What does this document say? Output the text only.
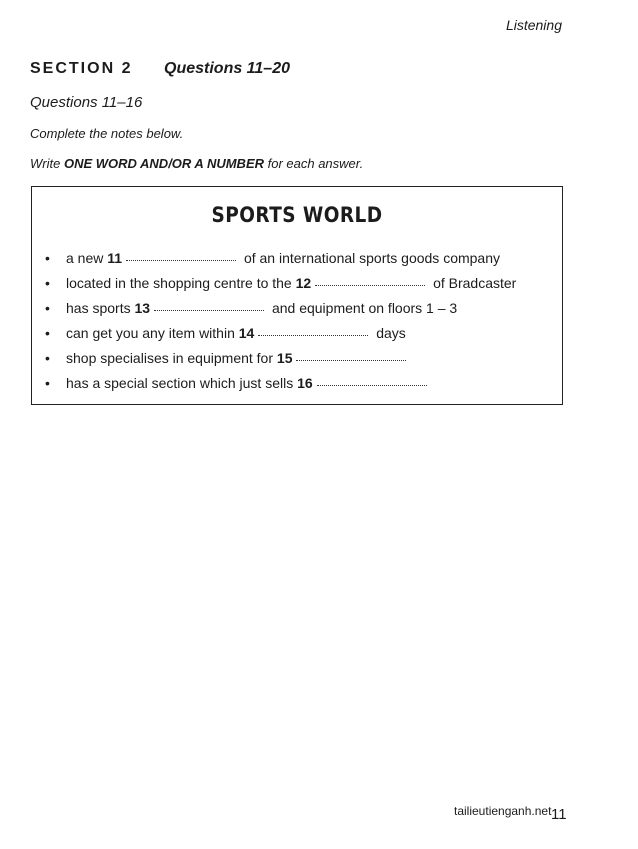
Listening
SECTION 2 Questions 11–20
Questions 11–16
Complete the notes below.
Write ONE WORD AND/OR A NUMBER for each answer.
SPORTS WORLD
• a new 11	of an international sports goods company
• located in the shopping centre to the 12	of Bradcaster
• has sports 13	and equipment on floors 1 – 3
• can get you any item within 14	days
• shop specialises in equipment for 15
• has a special section which just sells 16
tailieutienganh.net 11
